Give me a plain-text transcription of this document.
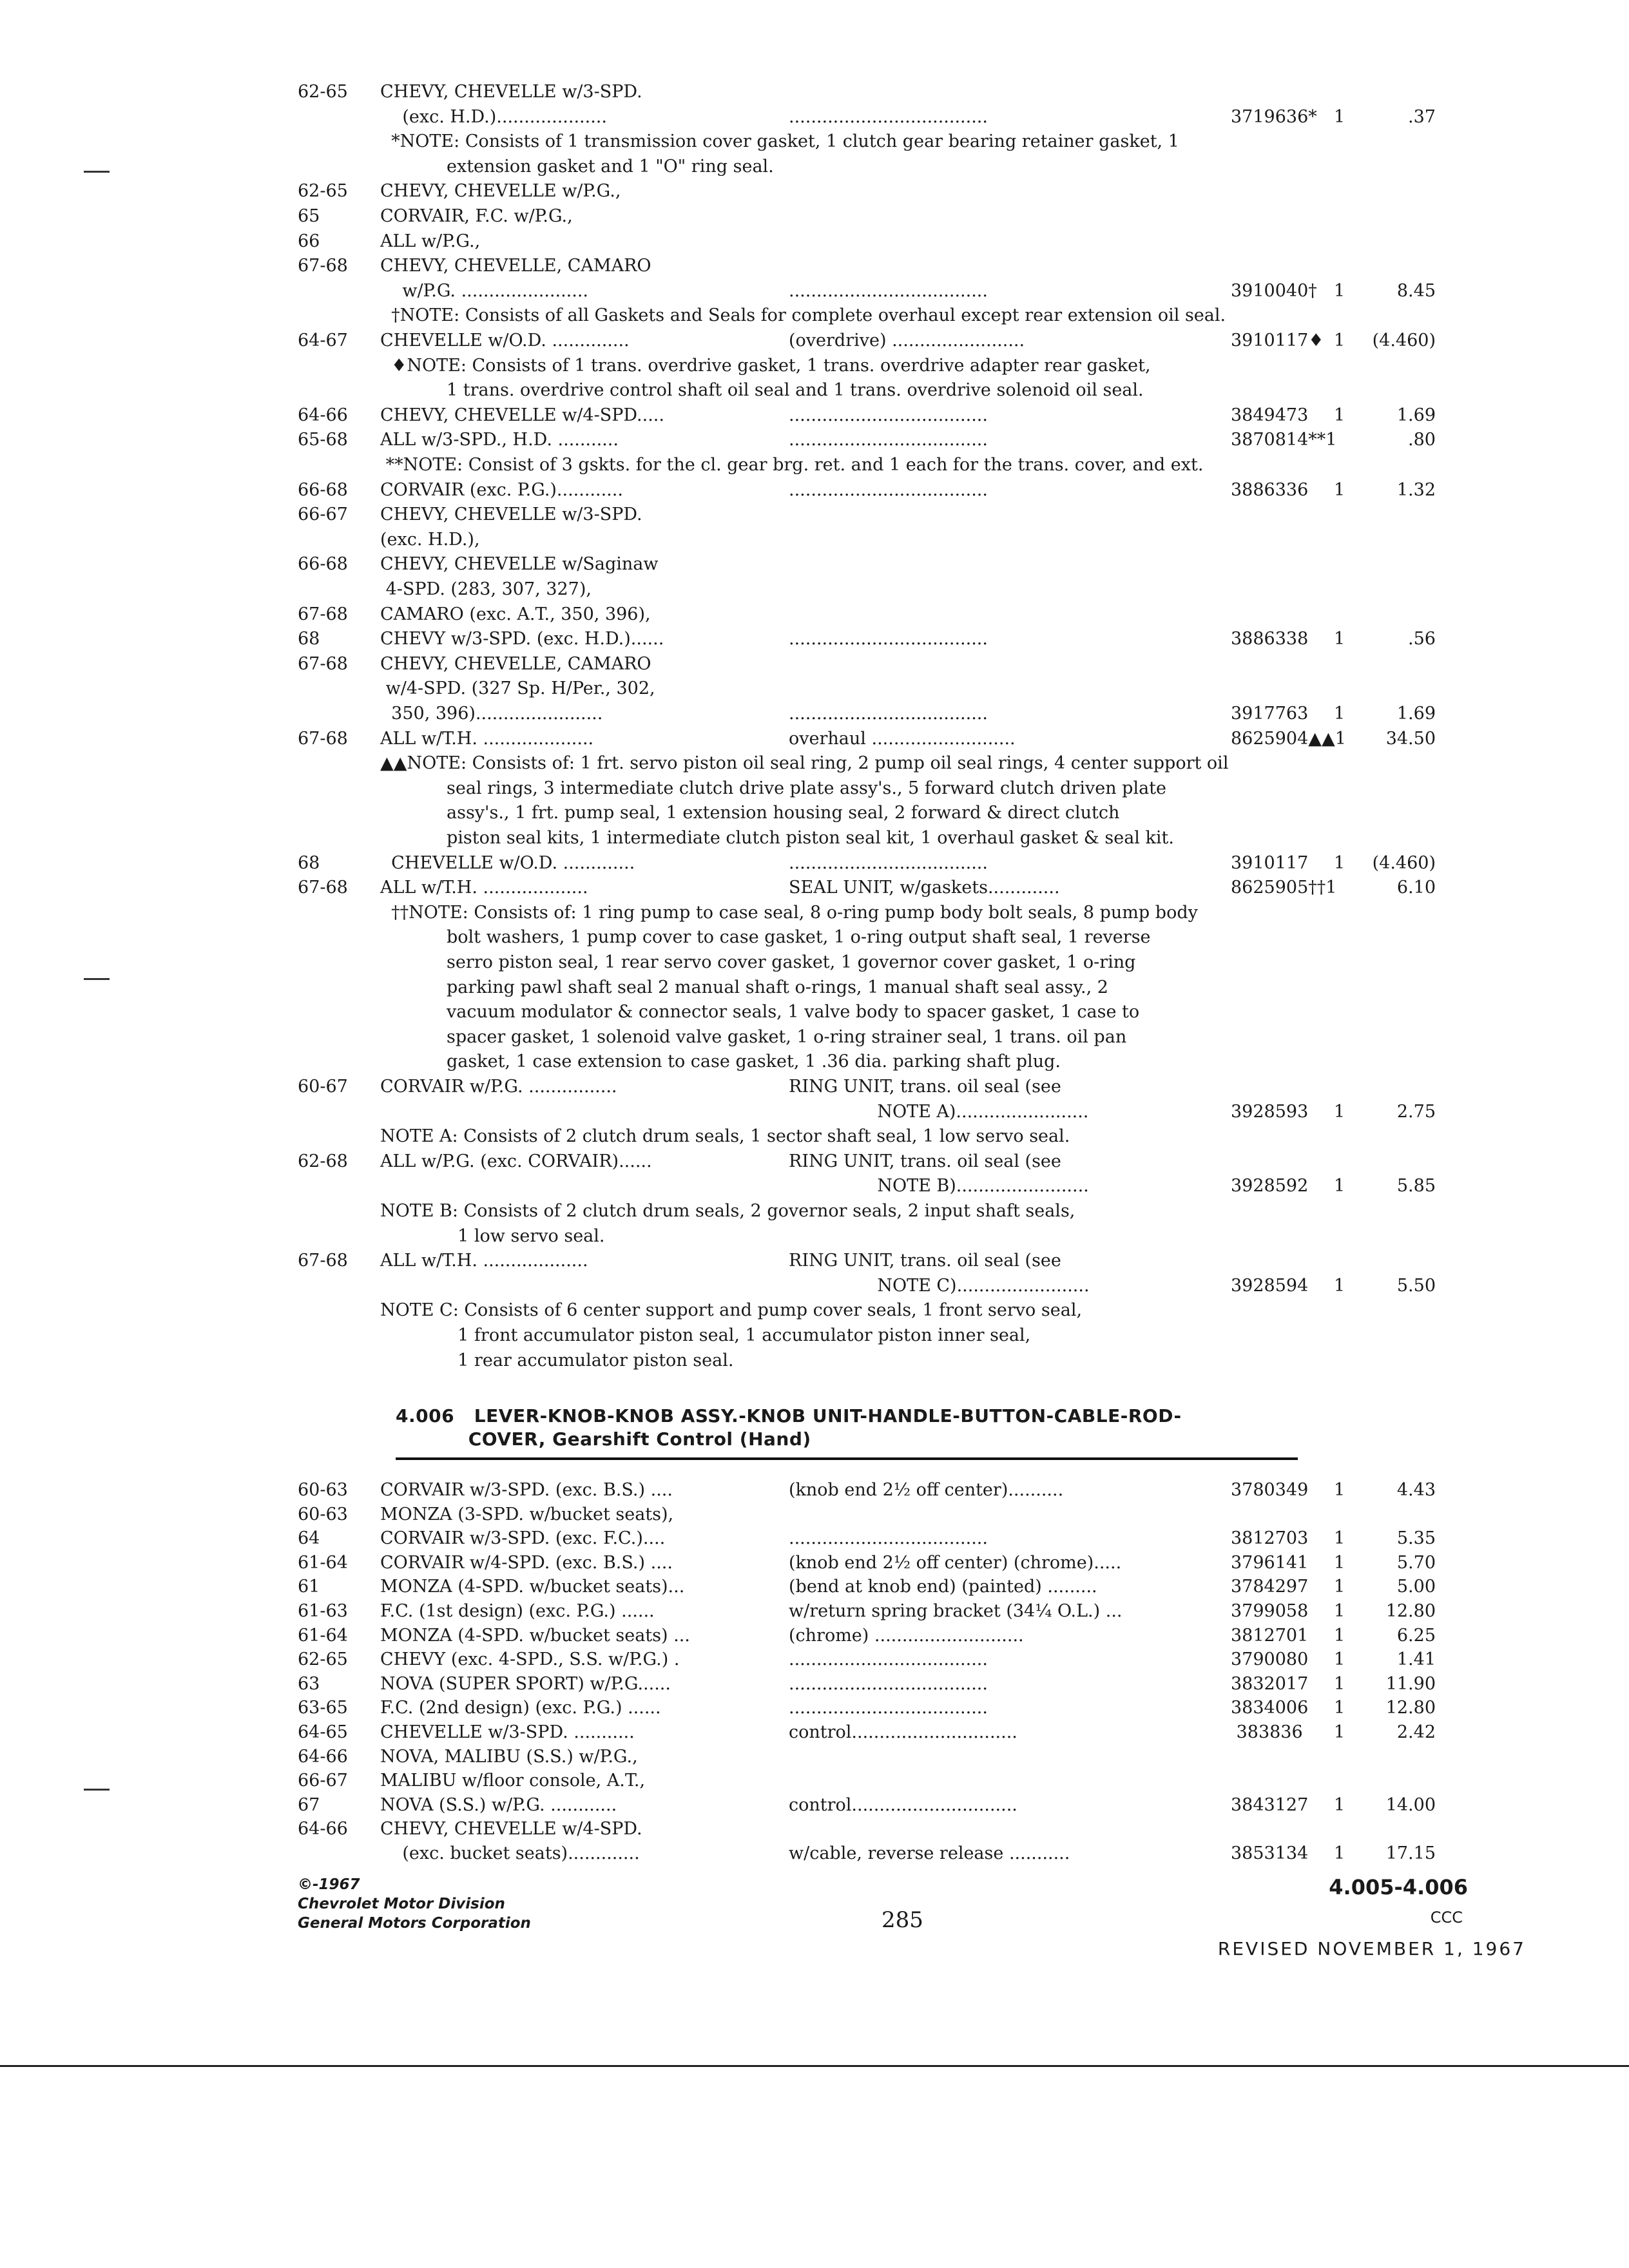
62-65 CHEVY, CHEVELLE w/3-SPD.
(exc. H.D.)....................	....................................	3719636* 1	.37
*NOTE: Consists of 1 transmission cover gasket, 1 clutch gear bearing retainer gasket, 1
extension gasket and 1 "O" ring seal.
62-65 CHEVY, CHEVELLE w/P.G.,
65	CORVAIR, F.C. w/P.G.,
66	ALL w/P.G.,
67-68 CHEVY, CHEVELLE, CAMARO
w/P.G. .......................	....................................	3910040† 1	8.45
†NOTE: Consists of all Gaskets and Seals for complete overhaul except rear extension oil seal.
64-67 CHEVELLE w/O.D. ..............	(overdrive) ........................	3910117♦ 1 (4.460)
♦NOTE: Consists of 1 trans. overdrive gasket, 1 trans. overdrive adapter rear gasket,
1 trans. overdrive control shaft oil seal and 1 trans. overdrive solenoid oil seal.
64-66 CHEVY, CHEVELLE w/4-SPD.....	....................................	3849473 1	1.69
65-68 ALL w/3-SPD., H.D. ...........	....................................	3870814**1	.80
**NOTE: Consist of 3 gskts. for the cl. gear brg. ret. and 1 each for the trans. cover, and ext.
66-68 CORVAIR (exc. P.G.)............	....................................	3886336 1	1.32
66-67 CHEVY, CHEVELLE w/3-SPD.
(exc. H.D.),
66-68 CHEVY, CHEVELLE w/Saginaw
4-SPD. (283, 307, 327),
67-68 CAMARO (exc. A.T., 350, 396),
68	CHEVY w/3-SPD. (exc. H.D.)......	....................................	3886338 1	.56
67-68 CHEVY, CHEVELLE, CAMARO
w/4-SPD. (327 Sp. H/Per., 302,
350, 396).......................	....................................	3917763 1	1.69
67-68 ALL w/T.H. ....................	overhaul ..........................	8625904▲▲1 34.50
▲▲NOTE: Consists of: 1 frt. servo piston oil seal ring, 2 pump oil seal rings, 4 center support oil
seal rings, 3 intermediate clutch drive plate assy's., 5 forward clutch driven plate
assy's., 1 frt. pump seal, 1 extension housing seal, 2 forward & direct clutch
piston seal kits, 1 intermediate clutch piston seal kit, 1 overhaul gasket & seal kit.
68	CHEVELLE w/O.D. .............	....................................	3910117 1 (4.460)
67-68 ALL w/T.H. ...................	SEAL UNIT, w/gaskets.............	8625905††1	6.10
††NOTE: Consists of: 1 ring pump to case seal, 8 o-ring pump body bolt seals, 8 pump body
bolt washers, 1 pump cover to case gasket, 1 o-ring output shaft seal, 1 reverse
serro piston seal, 1 rear servo cover gasket, 1 governor cover gasket, 1 o-ring
parking pawl shaft seal 2 manual shaft o-rings, 1 manual shaft seal assy., 2
vacuum modulator & connector seals, 1 valve body to spacer gasket, 1 case to
spacer gasket, 1 solenoid valve gasket, 1 o-ring strainer seal, 1 trans. oil pan
gasket, 1 case extension to case gasket, 1 .36 dia. parking shaft plug.
60-67 CORVAIR w/P.G. ................	RING UNIT, trans. oil seal (see
NOTE A)........................	3928593 1	2.75
NOTE A: Consists of 2 clutch drum seals, 1 sector shaft seal, 1 low servo seal.
62-68 ALL w/P.G. (exc. CORVAIR)......	RING UNIT, trans. oil seal (see
NOTE B)........................	3928592 1	5.85
NOTE B: Consists of 2 clutch drum seals, 2 governor seals, 2 input shaft seals,
1 low servo seal.
67-68 ALL w/T.H. ...................	RING UNIT, trans. oil seal (see
NOTE C)........................	3928594 1	5.50
NOTE C: Consists of 6 center support and pump cover seals, 1 front servo seal,
1 front accumulator piston seal, 1 accumulator piston inner seal,
1 rear accumulator piston seal.
60-63 CORVAIR w/3-SPD. (exc. B.S.) ....	(knob end 2½ off center)..........	3780349 1	4.43
60-63 MONZA (3-SPD. w/bucket seats),
64	CORVAIR w/3-SPD. (exc. F.C.)....	....................................	3812703 1	5.35
61-64 CORVAIR w/4-SPD. (exc. B.S.) ....	(knob end 2½ off center) (chrome).....	3796141 1	5.70
61	MONZA (4-SPD. w/bucket seats)...	(bend at knob end) (painted) .........	3784297 1	5.00
61-63 F.C. (1st design) (exc. P.G.) ......	w/return spring bracket (34¼ O.L.) ...	3799058 1 12.80
61-64 MONZA (4-SPD. w/bucket seats) ...	(chrome) ...........................	3812701 1	6.25
62-65 CHEVY (exc. 4-SPD., S.S. w/P.G.) .	....................................	3790080 1	1.41
63	NOVA (SUPER SPORT) w/P.G......	....................................	3832017 1 11.90
63-65 F.C. (2nd design) (exc. P.G.) ......	....................................	3834006 1 12.80
64-65 CHEVELLE w/3-SPD. ...........	control..............................	383836 1	2.42
64-66 NOVA, MALIBU (S.S.) w/P.G.,
66-67 MALIBU w/floor console, A.T.,
67	NOVA (S.S.) w/P.G. ............	control..............................	3843127 1 14.00
64-66 CHEVY, CHEVELLE w/4-SPD.
(exc. bucket seats).............	w/cable, reverse release ...........	3853134 1 17.15
4.006   LEVER-KNOB-KNOB ASSY.-KNOB UNIT-HANDLE-BUTTON-CABLE-ROD-
COVER, Gearshift Control (Hand)
©-1967
Chevrolet Motor Division
General Motors Corporation	285
4.005-4.006
CCC
REVISED NOVEMBER 1, 1967
